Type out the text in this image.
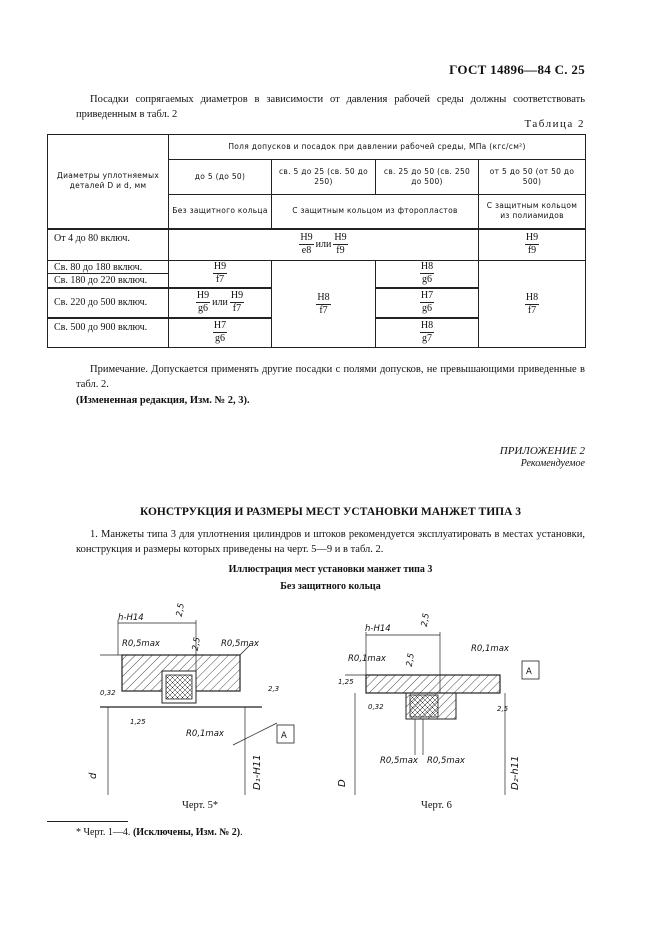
ГОСТ 14896—84 С. 25
Посадки сопрягаемых диаметров в зависимости от давления рабочей среды должны соответствовать приведенным в табл. 2
Таблица 2
Диаметры уплотняемых деталей D и d, мм	Поля допусков и посадок при давлении рабочей среды, МПа (кгс/см²)			
	до 5 (до 50)	св. 5 до 25 (св. 50 до 250)	св. 25 до 50 (св. 250 до 500)	от 5 до 50 (от 50 до 500)
	Без защитного кольца	С защитным кольцом из фторопластов		С защитным кольцом из полиамидов
От 4 до 80 включ.	$\frac{H9}{e8}$ или $\frac{H9}{f9}$			$\frac{H9}{f9}$

Св. 80 до 180 включ.	$\frac{H9}{f7}$	$\frac{H8}{f7}$	$\frac{H8}{g6}$	$\frac{H8}{f7}$

Св. 180 до 220 включ.				
Св. 220 до 500 включ.	$\frac{H9}{g6}$ или $\frac{H9}{f7}$		$\frac{H7}{g6}$

Св. 500 до 900 включ.	$\frac{H7}{g6}$		$\frac{H8}{g7}$
Примечание. Допускается применять другие посадки с полями допусков, не превышающими приведенные в табл. 2.
(Измененная редакция, Изм. № 2, 3).
ПРИЛОЖЕНИЕ 2
Рекомендуемое
КОНСТРУКЦИЯ И РАЗМЕРЫ МЕСТ УСТАНОВКИ МАНЖЕТ ТИПА 3
1. Манжеты типа 3 для уплотнения цилиндров и штоков рекомендуется эксплуатировать в местах установки, конструкция и размеры которых приведены на черт. 5—9 и в табл. 2.
Иллюстрация мест установки манжет типа 3
Без защитного кольца
h-H14
2,5
2,5
R0,5max	R0,5max
R0,1max
0,32
1,25
2,3
A
d	D₁-H11
h-H14
2,5
2,5
R0,1max
R0,1max
R0,5max R0,5max
1,25
0,32	2,5
A
D	D₂-h11
Черт. 5*	Черт. 6
* Черт. 1—4. (Исключены, Изм. № 2).
